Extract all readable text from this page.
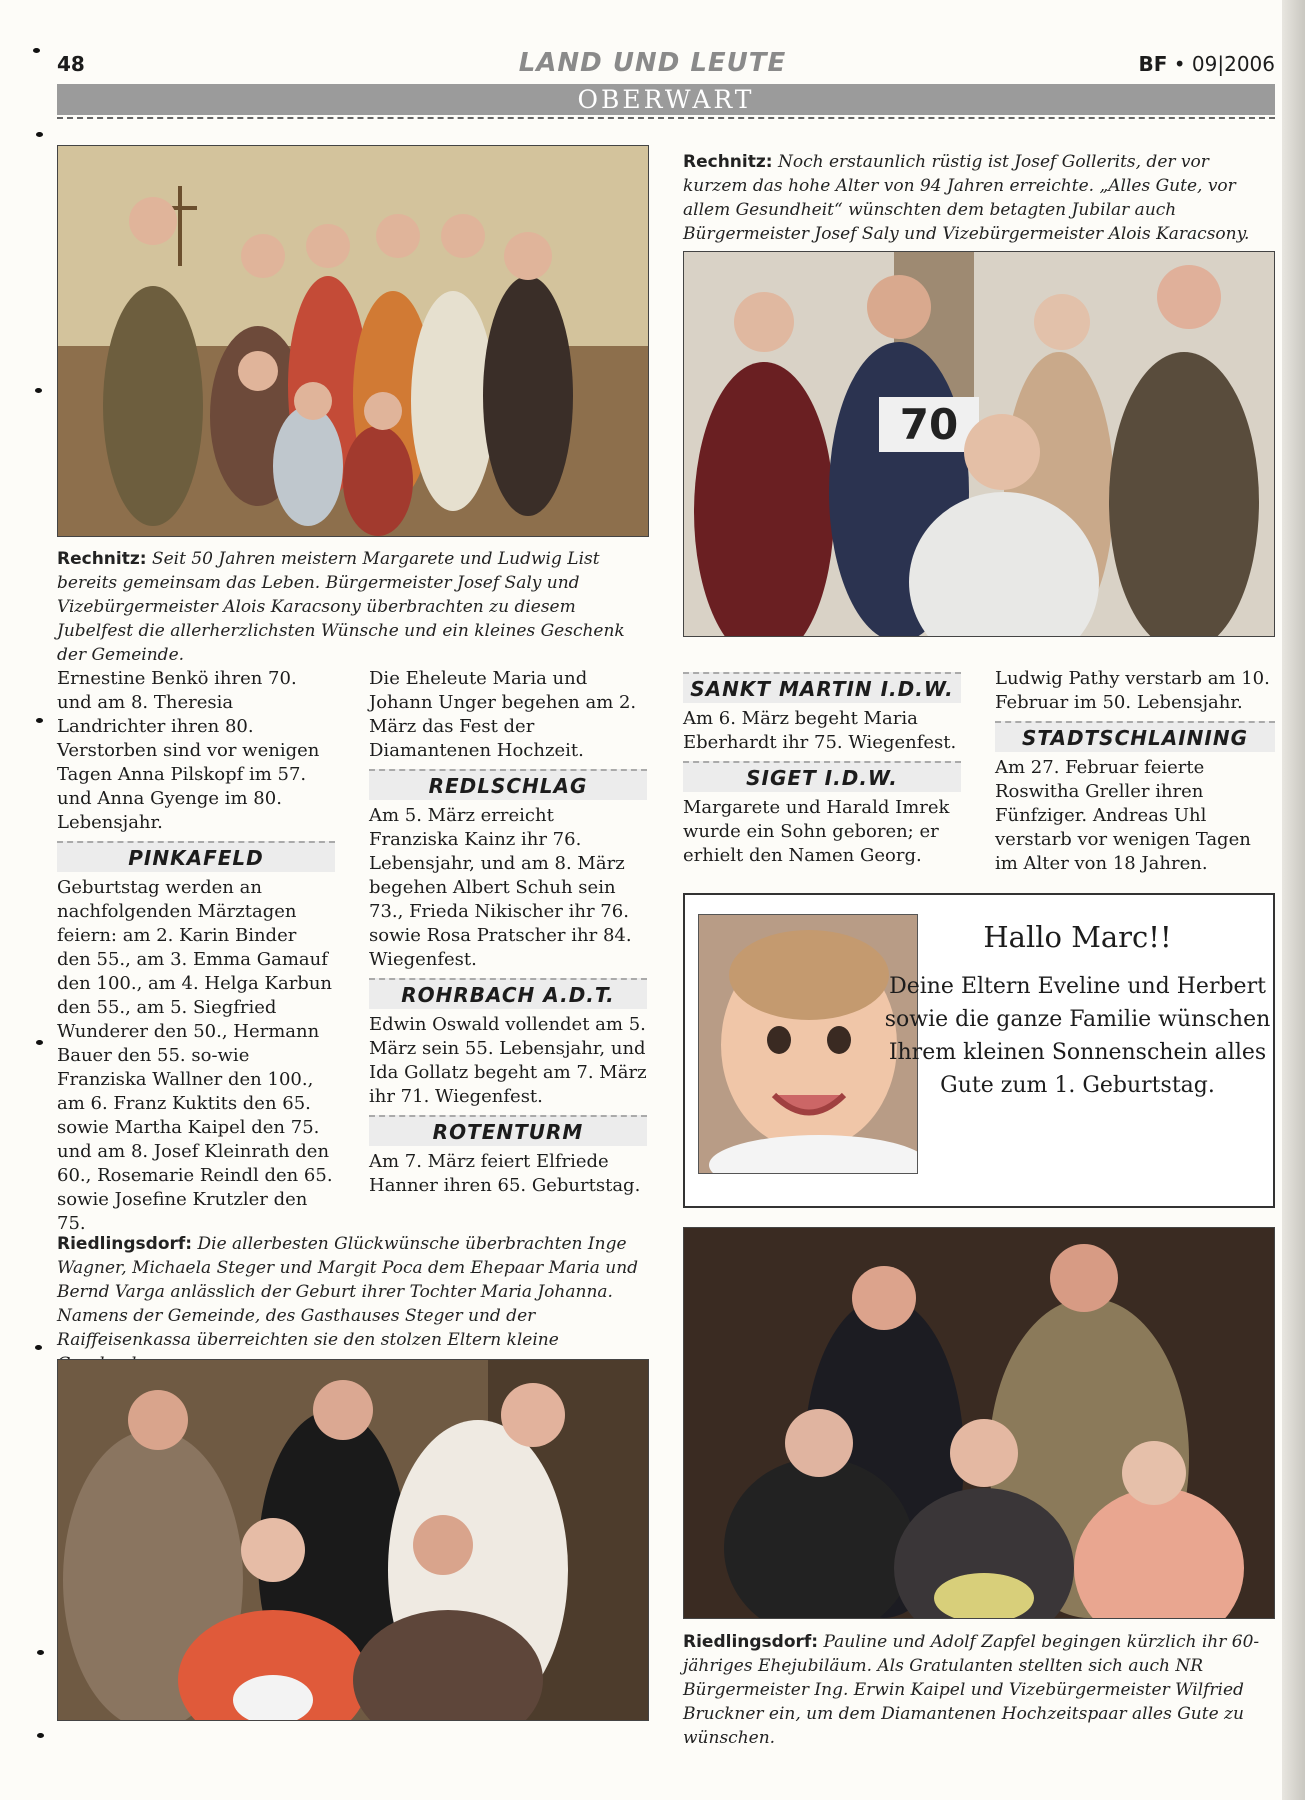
48	LAND UND LEUTE	BF • 09|2006
OBERWART
Rechnitz: Noch erstaunlich rüstig ist Josef Gollerits, der vor kurzem das hohe Alter von 94 Jahren erreichte. „Alles Gute, vor allem Gesundheit“ wünschten dem betagten Jubilar auch Bürgermeister Josef Saly und Vizebürgermeister Alois Karacsony.
70
Rechnitz: Seit 50 Jahren meistern Margarete und Ludwig List bereits gemeinsam das Leben. Bürgermeister Josef Saly und Vizebürgermeister Alois Karacsony überbrachten zu diesem Jubelfest die allerherzlichsten Wünsche und ein kleines Geschenk der Gemeinde.

Ernestine Benkö ihren 70. und am 8. Theresia Landrichter ihren 80. Verstorben sind vor wenigen Tagen Anna Pilskopf im 57. und Anna Gyenge im 80. Lebensjahr.

PINKAFELD

Geburtstag werden an nachfolgenden Märztagen feiern: am 2. Karin Binder den 55., am 3. Emma Gamauf den 100., am 4. Helga Karbun den 55., am 5. Siegfried Wunderer den 50., Hermann Bauer den 55. so-wie Franziska Wallner den 100., am 6. Franz Kuktits den 65. sowie Martha Kaipel den 75. und am 8. Josef Kleinrath den 60., Rosemarie Reindl den 65. sowie Josefine Krutzler den 75.

Die Eheleute Maria und Johann Unger begehen am 2. März das Fest der Diamantenen Hochzeit.

REDLSCHLAG

Am 5. März erreicht Franziska Kainz ihr 76. Lebensjahr, und am 8. März begehen Albert Schuh sein 73., Frieda Nikischer ihr 76. sowie Rosa Pratscher ihr 84. Wiegenfest.

ROHRBACH A.D.T.

Edwin Oswald vollendet am 5. März sein 55. Lebensjahr, und Ida Gollatz begeht am 7. März ihr 71. Wiegenfest.

ROTENTURM

Am 7. März feiert Elfriede Hanner ihren 65. Geburtstag.

SANKT MARTIN I.D.W.

Am 6. März begeht Maria Eberhardt ihr 75. Wiegenfest.

SIGET I.D.W.

Margarete und Harald Imrek wurde ein Sohn geboren; er erhielt den Namen Georg.

Ludwig Pathy verstarb am 10. Februar im 50. Lebensjahr.

STADTSCHLAINING

Am 27. Februar feierte Roswitha Greller ihren Fünfziger. Andreas Uhl verstarb vor wenigen Tagen im Alter von 18 Jahren.

Hallo Marc!!
Deine Eltern Eveline und Herbert sowie die ganze Familie wünschen Ihrem kleinen Sonnenschein alles Gute zum 1. Geburtstag.
Riedlingsdorf: Die allerbesten Glückwünsche überbrachten Inge Wagner, Michaela Steger und Margit Poca dem Ehepaar Maria und Bernd Varga anlässlich der Geburt ihrer Tochter Maria Johanna. Namens der Gemeinde, des Gasthauses Steger und der Raiffeisenkassa überreichten sie den stolzen Eltern kleine
Riedlingsdorf: Pauline und Adolf Zapfel begingen kürzlich ihr 60-jähriges Ehejubiläum. Als Gratulanten stellten sich auch NR Bürgermeister Ing. Erwin Kaipel und Vizebürgermeister Wilfried Bruckner ein, um dem Diamantenen Hochzeitspaar alles Gute zu wünschen.
